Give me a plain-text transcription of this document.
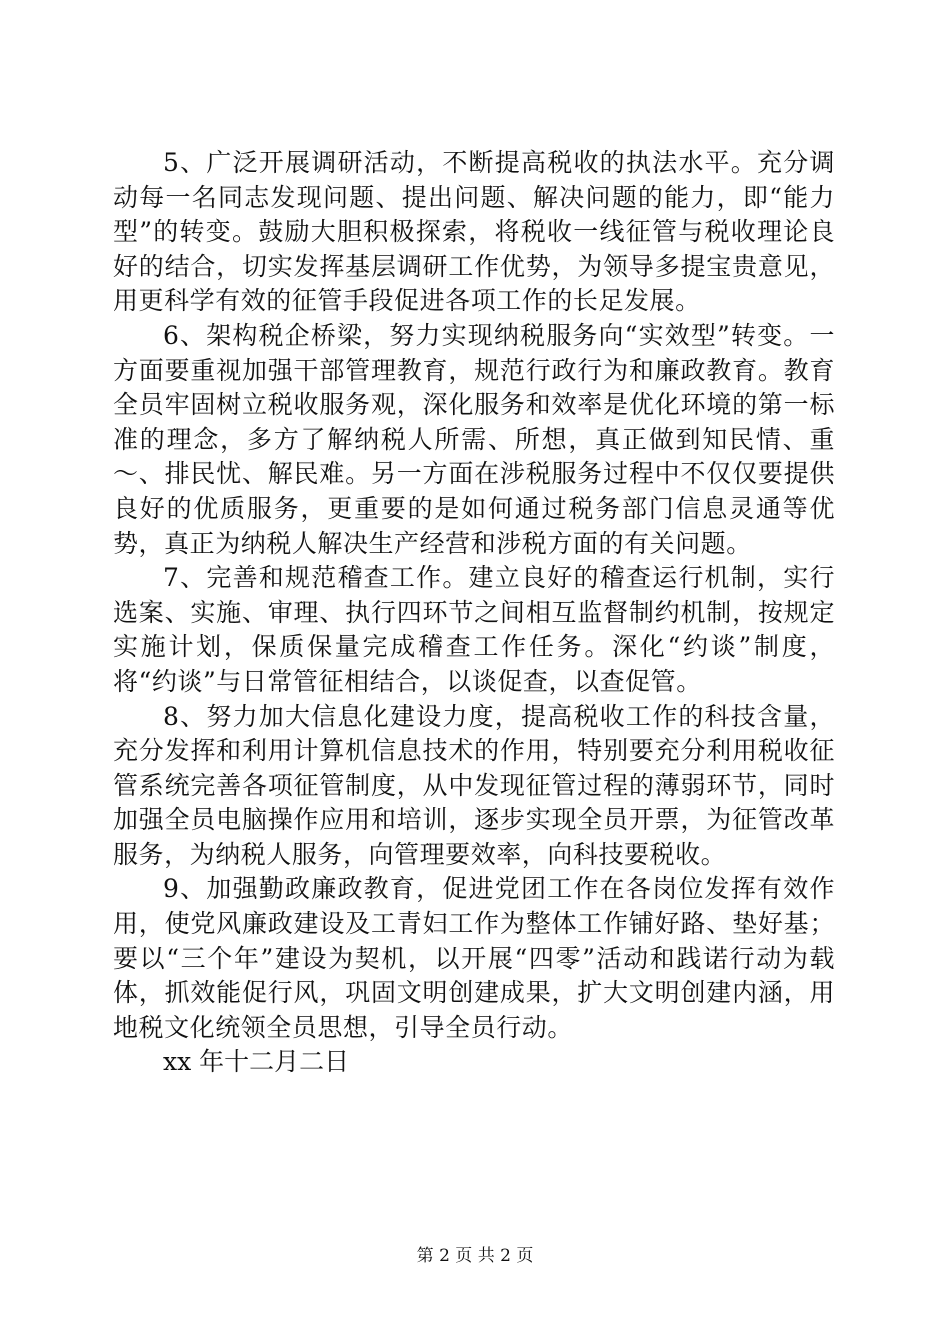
5、广泛开展调研活动，不断提高税收的执法水平。充分调动每一名同志发现问题、提出问题、解决问题的能力，即“能力型”的转变。鼓励大胆积极探索，将税收一线征管与税收理论良好的结合，切实发挥基层调研工作优势，为领导多提宝贵意见，用更科学有效的征管手段促进各项工作的长足发展。

6、架构税企桥梁，努力实现纳税服务向“实效型”转变。一方面要重视加强干部管理教育，规范行政行为和廉政教育。教育全员牢固树立税收服务观，深化服务和效率是优化环境的第一标准的理念，多方了解纳税人所需、所想，真正做到知民情、重～、排民忧、解民难。另一方面在涉税服务过程中不仅仅要提供良好的优质服务，更重要的是如何通过税务部门信息灵通等优势，真正为纳税人解决生产经营和涉税方面的有关问题。

7、完善和规范稽查工作。建立良好的稽查运行机制，实行选案、实施、审理、执行四环节之间相互监督制约机制，按规定实施计划，保质保量完成稽查工作任务。深化“约谈”制度，将“约谈”与日常管征相结合，以谈促查，以查促管。

8、努力加大信息化建设力度，提高税收工作的科技含量，充分发挥和利用计算机信息技术的作用，特别要充分利用税收征管系统完善各项征管制度，从中发现征管过程的薄弱环节，同时加强全员电脑操作应用和培训，逐步实现全员开票，为征管改革服务，为纳税人服务，向管理要效率，向科技要税收。

9、加强勤政廉政教育，促进党团工作在各岗位发挥有效作用，使党风廉政建设及工青妇工作为整体工作铺好路、垫好基；要以“三个年”建设为契机，以开展“四零”活动和践诺行动为载体，抓效能促行风，巩固文明创建成果，扩大文明创建内涵，用地税文化统领全员思想，引导全员行动。

xx 年十二月二日

第 2 页 共 2 页
